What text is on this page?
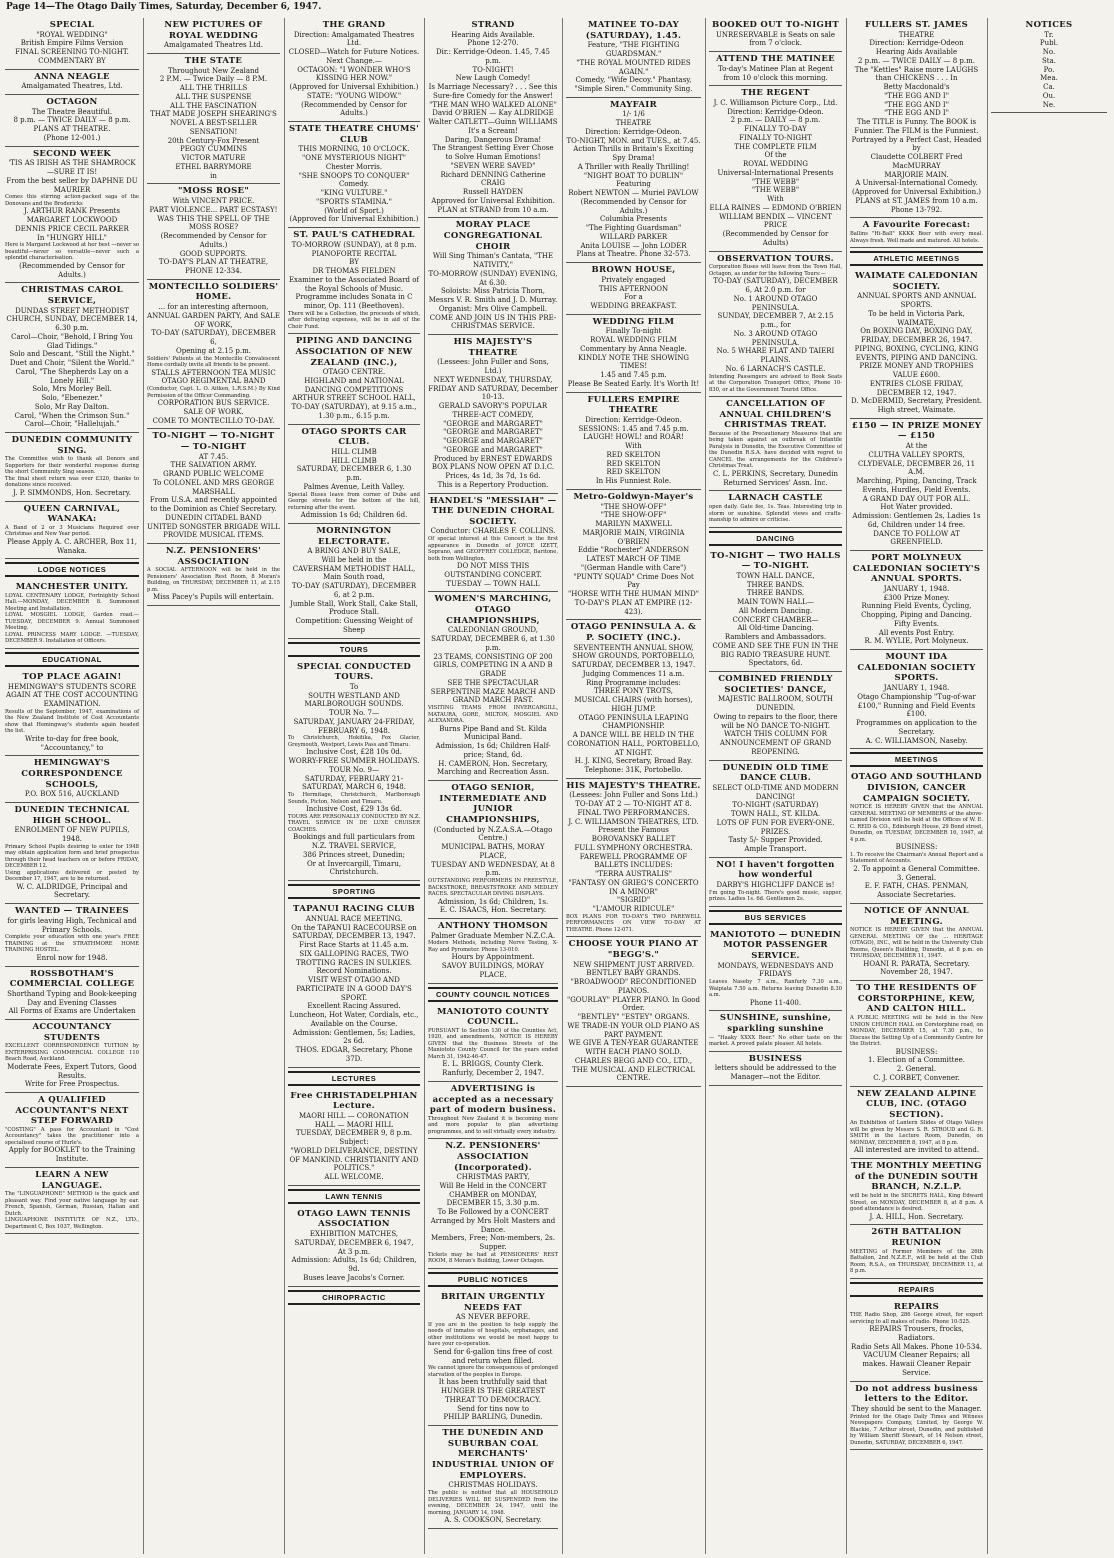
Page 14—The Otago Daily Times, Saturday, December 6, 1947.
SPECIAL
"ROYAL WEDDING"
British Empire Films Version
FINAL SCREENING TO-NIGHT.
COMMENTARY BY
ANNA NEAGLE
Amalgamated Theatres, Ltd.
OCTAGON
The Theatre Beautiful.
8 p.m. — TWICE DAILY — 8 p.m.
PLANS AT THEATRE.
(Phone 12-001.)
SECOND WEEK
'TIS AS IRISH AS THE SHAMROCK —SURE IT IS!
From the best seller by DAPHNE DU MAURIER
Comes this stirring action-packed saga of the Donovans and the Brodericks
J. ARTHUR RANK Presents
MARGARET LOCKWOOD
DENNIS PRICE CECIL PARKER
In "HUNGRY HILL"
Here is Margaret Lockwood at her best —never so beautiful—never so versatile—never such a splendid characterisation.
(Recommended by Censor for Adults.)
CHRISTMAS CAROL SERVICE,
DUNDAS STREET METHODIST CHURCH, SUNDAY, DECEMBER 14, 6.30 p.m.
Carol—Choir, "Behold, I Bring You Glad Tidings."
Solo and Descant, "Still the Night."
Duet and Choir, "Silent the World."
Carol, "The Shepherds Lay on a Lonely Hill."
Solo, Mrs Morley Bell.
Solo, "Ebenezer."
Solo, Mr Ray Dalton.
Carol, "When the Crimson Sun."
Carol—Choir, "Hallelujah."
DUNEDIN COMMUNITY SING.
The Committee wish to thank all Donors and Supporters for their wonderful response during the short Community Sing season.
The final sheet return was over £320, thanks to donations since received.
J. P. SIMMONDS, Hon. Secretary.
QUEEN CARNIVAL, WANAKA:
A Band of 2 or 3 Musicians Required over Christmas and New Year period.
Please Apply A. C. ARCHER, Box 11, Wanaka.
LODGE NOTICES
MANCHESTER UNITY.
LOYAL CENTENARY LODGE, Fortnightly School Hall.—MONDAY, DECEMBER 8. Summoned Meeting and Installation.
LOYAL MOSGIEL LODGE, Garden road.—TUESDAY, DECEMBER 9. Annual Summoned Meeting.
LOYAL PRINCESS MARY LODGE. —TUESDAY, DECEMBER 9. Installation of Officers.
EDUCATIONAL
TOP PLACE AGAIN!
HEMINGWAY'S STUDENTS SCORE AGAIN AT THE COST ACCOUNTING EXAMINATION.
Results of the September, 1947, examinations of the New Zealand Institute of Cost Accountants show that Hemingway's students again headed the list.
Write to-day for free book, "Accountancy," to
HEMINGWAY'S CORRESPONDENCE SCHOOLS,
P.O. BOX 516, AUCKLAND
DUNEDIN TECHNICAL HIGH SCHOOL.
ENROLMENT OF NEW PUPILS, 1948.
Primary School Pupils desiring to enter for 1948 may obtain application form and brief prospectus through their head teachers on or before FRIDAY, DECEMBER 12.
Using applications delivered or posted by December 17, 1947, are to be returned.
W. C. ALDRIDGE, Principal and Secretary.
WANTED — TRAINEES
for girls leaving High, Technical and Primary Schools.
Complete your education with one year's FREE TRAINING at the STRATHMORE HOME TRAINING HOSTEL.
Enrol now for 1948.
ROSSBOTHAM'S COMMERCIAL COLLEGE
Shorthand Typing and Book-keeping
Day and Evening Classes
All Forms of Exams are Undertaken
ACCOUNTANCY STUDENTS
EXCELLENT CORRESPONDENCE TUITION by ENTERPRISING COMMERCIAL COLLEGE 110 Beach Road, Auckland.
Moderate Fees, Expert Tutors, Good Results.
Write for Free Prospectus.
A QUALIFIED ACCOUNTANT'S NEXT STEP FORWARD
"COSTING" A pass for Accountant in "Cost Accountancy" takes the practitioner into a specialised course of Hurle's.
Apply for BOOKLET to the Training Institute.
LEARN A NEW LANGUAGE.
The "LINGUAPHONE" METHOD is the quick and pleasant way. Find your native language by ear. French, Spanish, German, Russian, Italian and Dutch.
LINGUAPHONE INSTITUTE OF N.Z., LTD., Department C, Box 1037, Wellington.
NEW PICTURES OF ROYAL WEDDING
Amalgamated Theatres Ltd.
THE STATE
Throughout New Zealand
2 P.M. — Twice Daily — 8 P.M.
ALL THE THRILLS
ALL THE SUSPENSE
ALL THE FASCINATION
THAT MADE JOSEPH SHEARING'S NOVEL A BEST-SELLER SENSATION!
20th Century-Fox Present
PEGGY CUMMINS
VICTOR MATURE
ETHEL BARRYMORE
in
"MOSS ROSE"
With VINCENT PRICE.
PART VIOLENCE... PART ECSTASY! WAS THIS THE SPELL OF THE MOSS ROSE?
(Recommended by Censor for Adults.)
GOOD SUPPORTS.
TO-DAY'S PLAN AT THEATRE, PHONE 12-334.
MONTECILLO SOLDIERS' HOME.
... for an interesting afternoon,
ANNUAL GARDEN PARTY, And SALE OF WORK,
TO-DAY (SATURDAY), DECEMBER 6,
Opening at 2.15 p.m.
Soldiers' Patients at the Montecillo Convalescent Home cordially invite all friends to be present.
STALLS AFTERNOON TEA MUSIC
OTAGO REGIMENTAL BAND
(Conductor, Capt. L. O. Aitken, L.R.S.M.) By Kind Permission of the Officer Commanding.
CORPORATION BUS SERVICE.
SALE OF WORK.
COME TO MONTECILLO TO-DAY.
TO-NIGHT — TO-NIGHT — TO-NIGHT
AT 7.45.
THE SALVATION ARMY.
GRAND PUBLIC WELCOME
To COLONEL AND MRS GEORGE MARSHALL
From U.S.A. and recently appointed to the Dominion as Chief Secretary.
DUNEDIN CITADEL BAND
UNITED SONGSTER BRIGADE WILL PROVIDE MUSICAL ITEMS.
N.Z. PENSIONERS' ASSOCIATION
A SOCIAL AFTERNOON will be held in the Pensioners' Association Rest Room, 8 Moran's Building, on THURSDAY, DECEMBER 11, at 2.15 p.m.
Miss Pacey's Pupils will entertain.
THE GRAND
Direction: Amalgamated Theatres Ltd.
CLOSED—Watch for Future Notices.
Next Change.—
OCTAGON: "I WONDER WHO'S KISSING HER NOW."
(Approved for Universal Exhibition.)
STATE: "YOUNG WIDOW."
(Recommended by Censor for Adults.)
STATE THEATRE CHUMS' CLUB
THIS MORNING, 10 O'CLOCK.
"ONE MYSTERIOUS NIGHT"
Chester Morris.
"SHE SNOOPS TO CONQUER"
Comedy.
"KING VULTURE."
"SPORTS STAMINA."
(World of Sport.)
(Approved for Universal Exhibition.)
ST. PAUL'S CATHEDRAL
TO-MORROW (SUNDAY), at 8 p.m.
PIANOFORTE RECITAL
BY
DR THOMAS FIELDEN
Examiner to the Associated Board of the Royal Schools of Music.
Programme includes Sonata in C minor, Op. 111 (Beethoven).
There will be a Collection, the proceeds of which, after defraying expenses, will be in aid of the Choir Fund.
PIPING AND DANCING ASSOCIATION OF NEW ZEALAND (INC.),
OTAGO CENTRE.
HIGHLAND and NATIONAL DANCING COMPETITIONS
ARTHUR STREET SCHOOL HALL,
TO-DAY (SATURDAY), at 9.15 a.m., 1.30 p.m., 6.15 p.m.
OTAGO SPORTS CAR CLUB.
HILL CLIMB
HILL CLIMB
SATURDAY, DECEMBER 6, 1.30 p.m.
Palmes Avenue, Leith Valley.
Special Buses leave from corner of Dube and George streets for the bottom of the hill, returning after the event.
Admission 1s 6d; Children 6d.
MORNINGTON ELECTORATE.
A BRING AND BUY SALE,
Will be held in the
CAVERSHAM METHODIST HALL,
Main South road,
TO-DAY (SATURDAY), DECEMBER 6, at 2 p.m.
Jumble Stall, Work Stall, Cake Stall, Produce Stall.
Competition: Guessing Weight of Sheep
TOURS
SPECIAL CONDUCTED TOURS.
To
SOUTH WESTLAND AND MARLBOROUGH SOUNDS.
TOUR No. 7—
SATURDAY, JANUARY 24-FRIDAY, FEBRUARY 6, 1948.
To Christchurch, Hokitika, Fox Glacier, Greymouth, Westport, Lewis Pass and Timaru.
Inclusive Cost, £28 10s 0d.
WORRY-FREE SUMMER HOLIDAYS.
TOUR No. 9—
SATURDAY, FEBRUARY 21-SATURDAY, MARCH 6, 1948.
To Hermitage, Christchurch, Marlborough Sounds, Picton, Nelson and Timaru.
Inclusive Cost, £29 13s 6d.
TOURS ARE PERSONALLY CONDUCTED BY N.Z. TRAVEL SERVICE IN DE LUXE CRUISER COACHES.
Bookings and full particulars from N.Z. TRAVEL SERVICE,
386 Princes street, Dunedin;
Or at Invercargill, Timaru, Christchurch.
SPORTING
TAPANUI RACING CLUB
ANNUAL RACE MEETING.
On the TAPANUI RACECOURSE on SATURDAY, DECEMBER 13, 1947.
First Race Starts at 11.45 a.m.
SIX GALLOPING RACES, TWO TROTTING RACES IN SULKIES.
Record Nominations.
VISIT WEST OTAGO AND PARTICIPATE IN A GOOD DAY'S SPORT.
Excellent Racing Assured.
Luncheon, Hot Water, Cordials, etc., Available on the Course.
Admission: Gentlemen, 5s; Ladies, 2s 6d.
THOS. EDGAR, Secretary, Phone 37D.
LECTURES
Free CHRISTADELPHIAN Lecture.
MAORI HILL — CORONATION HALL — MAORI HILL
TUESDAY, DECEMBER 9, 8 p.m.
Subject:
"WORLD DELIVERANCE, DESTINY OF MANKIND. CHRISTIANITY AND POLITICS."
ALL WELCOME.
LAWN TENNIS
OTAGO LAWN TENNIS ASSOCIATION
EXHIBITION MATCHES,
SATURDAY, DECEMBER 6, 1947,
At 3 p.m.
Admission: Adults, 1s 6d; Children, 9d.
Buses leave Jacobs's Corner.
CHIROPRACTIC
STRAND
Hearing Aids Available.
Phone 12-270.
Dir.: Kerridge-Odeon. 1.45, 7.45 p.m.
TO-NIGHT!
New Laugh Comedy!
Is Marriage Necessary? . . . See this Sure-fire Comedy for the Answer!
"THE MAN WHO WALKED ALONE"
David O'BRIEN — Kay ALDRIDGE
Walter CATLETT—Guinn WILLIAMS
It's a Scream!
Daring, Dangerous Drama!
The Strangest Setting Ever Chose to Solve Human Emotions!
"SEVEN WERE SAVED"
Richard DENNING Catherine CRAIG
Russell HAYDEN
Approved for Universal Exhibition.
PLAN at STRAND from 10 a.m.
MORAY PLACE CONGREGATIONAL CHOIR
Will Sing Thiman's Cantata, "THE NATIVITY,"
TO-MORROW (SUNDAY) EVENING, At 6.30.
Soloists: Miss Patricia Thorn, Messrs V. R. Smith and J. D. Murray.
Organist: Mrs Olive Campbell.
COME AND JOIN US IN THIS PRE-CHRISTMAS SERVICE.
HIS MAJESTY'S THEATRE
(Lessees: John Fuller and Sons, Ltd.)
NEXT WEDNESDAY, THURSDAY, FRIDAY AND SATURDAY, December 10-13.
GERALD SAVORY'S POPULAR THREE-ACT COMEDY,
"GEORGE and MARGARET"
"GEORGE and MARGARET"
"GEORGE and MARGARET"
"GEORGE and MARGARET"
Produced by ERNEST EDWARDS
BOX PLANS NOW OPEN AT D.I.C. Prices, 4s 1d, 3s 7d, 1s 6d.
This is a Repertory Production.
HANDEL'S "MESSIAH" — THE DUNEDIN CHORAL SOCIETY.
Conductor: CHARLES F. COLLINS.
Of special interest at this Concert is the first appearance in Dunedin of JOYCE IZETT, Soprano, and GEOFFREY COLLEDGE, Baritone, both from Wellington.
DO NOT MISS THIS OUTSTANDING CONCERT.
TUESDAY — TOWN HALL
WOMEN'S MARCHING, OTAGO CHAMPIONSHIPS,
CALEDONIAN GROUND, SATURDAY, DECEMBER 6, at 1.30 p.m.
23 TEAMS, CONSISTING OF 200 GIRLS, COMPETING IN A AND B GRADE
SEE THE SPECTACULAR SERPENTINE MAZE MARCH AND GRAND MARCH PAST.
VISITING TEAMS FROM INVERCARGILL, MATAURA, GORE, MILTON, MOSGIEL AND ALEXANDRA.
Burns Pipe Band and St. Kilda Municipal Band.
Admission, 1s 6d; Children Half-price; Stand, 6d.
H. CAMERON, Hon. Secretary, Marching and Recreation Assn.
OTAGO SENIOR, INTERMEDIATE AND JUNIOR CHAMPIONSHIPS,
(Conducted by N.Z.A.S.A.—Otago Centre.)
MUNICIPAL BATHS, MORAY PLACE,
TUESDAY AND WEDNESDAY, At 8 p.m.
OUTSTANDING PERFORMERS IN FREESTYLE, BACKSTROKE, BREASTSTROKE AND MEDLEY RACES. SPECTACULAR DIVING DISPLAYS.
Admission, 1s 6d; Children, 1s.
E. C. ISAACS, Hon. Secretary.
ANTHONY THOMSON
Palmer Graduate Member N.Z.C.A.
Modern Methods, including Nerve Testing, X-Ray and Pyrometer. Phone 13-010.
Hours by Appointment.
SAVOY BUILDINGS, MORAY PLACE.
COUNTY COUNCIL NOTICES
MANIOTOTO COUNTY COUNCIL.
PURSUANT to Section 130 of the Counties Act, 1920, and amendments, NOTICE IS HEREBY GIVEN that the Business Streets of the Maniototo County Council for the years ended March 31, 1942-46-47.
E. L. BRIGGS, County Clerk.
Ranfurly, December 2, 1947.
ADVERTISING is accepted as a necessary part of modern business.
Throughout New Zealand it is becoming more and more popular to plan advertising programmes, and to sell virtually every industry.
N.Z. PENSIONERS' ASSOCIATION (Incorporated).
CHRISTMAS PARTY,
Will Be Held in the CONCERT CHAMBER on MONDAY, DECEMBER 15, 3.30 p.m.
To Be Followed by a CONCERT Arranged by Mrs Holt Masters and Dance.
Members, Free; Non-members, 2s. Supper.
Tickets may be had at PENSIONERS' REST ROOM, 8 Moran's Building, Lower Octagon.
PUBLIC NOTICES
BRITAIN URGENTLY NEEDS FAT
AS NEVER BEFORE.
If you are in the position to help supply the needs of inmates of hospitals, orphanages, and other institutions we would be most happy to have your co-operation.
Send for 6-gallon tins free of cost and return when filled.
We cannot ignore the consequences of prolonged starvation of the peoples in Europe.
It has been truthfully said that
HUNGER IS THE GREATEST THREAT TO DEMOCRACY.
Send for tins now to
PHILIP BARLING, Dunedin.
THE DUNEDIN AND SUBURBAN COAL MERCHANTS' INDUSTRIAL UNION OF EMPLOYERS.
CHRISTMAS HOLIDAYS.
The public is notified that all HOUSEHOLD DELIVERIES WILL BE SUSPENDED from the evening, DECEMBER 24, 1947, until the morning, JANUARY 14, 1948.
A. S. COOKSON, Secretary.
MATINEE TO-DAY (SATURDAY), 1.45.
Feature, "THE FIGHTING GUARDSMAN."
"THE ROYAL MOUNTED RIDES AGAIN."
Comedy, "Wife Decoy." Phantasy, "Simple Siren." Community Sing.
MAYFAIR
1/- 1/6
THEATRE
Direction: Kerridge-Odeon.
TO-NIGHT, MON. and TUES., at 7.45.
Action Thrills in Britain's Exciting Spy Drama!
A Thriller with Really Thrilling!
"NIGHT BOAT TO DUBLIN"
Featuring
Robert NEWTON — Muriel PAVLOW
(Recommended by Censor for Adults.)
Columbia Presents
"The Fighting Guardsman"
WILLARD PARKER
Anita LOUISE — John LODER
Plans at Theatre. Phone 32-573.
BROWN HOUSE,
Privately engaged
THIS AFTERNOON
For a
WEDDING BREAKFAST.
WEDDING FILM
Finally To-night
ROYAL WEDDING FILM
Commentary by Anna Neagle.
KINDLY NOTE THE SHOWING TIMES!
1.45 and 7.45 p.m.
Please Be Seated Early. It's Worth It!
FULLERS EMPIRE THEATRE
Direction: Kerridge-Odeon.
SESSIONS: 1.45 and 7.45 p.m.
LAUGH! HOWL! and ROAR!
With
RED SKELTON
RED SKELTON
RED SKELTON
In His Funniest Role.
Metro-Goldwyn-Mayer's
"THE SHOW-OFF"
"THE SHOW-OFF"
MARILYN MAXWELL
MARJORIE MAIN, VIRGINIA O'BRIEN
Eddie "Rochester" ANDERSON
LATEST MARCH OF TIME
"(German Handle with Care")
"PUNTY SQUAD" Crime Does Not Pay
"HORSE WITH THE HUMAN MIND"
TO-DAY'S PLAN AT EMPIRE (12-423).
OTAGO PENINSULA A. & P. SOCIETY (INC.).
SEVENTEENTH ANNUAL SHOW, SHOW GROUNDS, PORTOBELLO,
SATURDAY, DECEMBER 13, 1947.
Judging Commences 11 a.m.
Ring Programme includes:
THREE PONY TROTS,
MUSICAL CHAIRS (with horses),
HIGH JUMP.
OTAGO PENINSULA LEAPING CHAMPIONSHIP.
A DANCE WILL BE HELD IN THE CORONATION HALL, PORTOBELLO, AT NIGHT.
H. J. KING, Secretary, Broad Bay.
Telephone: 31K, Portobello.
HIS MAJESTY'S THEATRE.
(Lessees: John Fuller and Sons Ltd.)
TO-DAY AT 2 — TO-NIGHT AT 8.
FINAL TWO PERFORMANCES.
J. C. WILLIAMSON THEATRES, LTD. Present the Famous
BOROVANSKY BALLET
FULL SYMPHONY ORCHESTRA.
FAREWELL PROGRAMME OF BALLETS INCLUDES:
"TERRA AUSTRALIS"
"FANTASY ON GRIEG'S CONCERTO IN A MINOR"
"SIGRID"
"L'AMOUR RIDICULE"
BOX PLANS FOR TO-DAY'S TWO FAREWELL PERFORMANCES ON VIEW TO-DAY AT THEATRE. Phone 12-071.
CHOOSE YOUR PIANO AT "BEGG'S."
NEW SHIPMENT JUST ARRIVED. BENTLEY BABY GRANDS.
"BROADWOOD" RECONDITIONED PIANOS.
"GOURLAY" PLAYER PIANO. In Good Order.
"BENTLEY" "ESTEY" ORGANS.
WE TRADE-IN YOUR OLD PIANO AS PART PAYMENT.
WE GIVE A TEN-YEAR GUARANTEE WITH EACH PIANO SOLD.
CHARLES BEGG AND CO., LTD., THE MUSICAL AND ELECTRICAL CENTRE.
BOOKED OUT TO-NIGHT
UNRESERVABLE is Seats on sale from 7 o'clock.
ATTEND THE MATINEE
To-day's Matinee Plan at Regent from 10 o'clock this morning.
THE REGENT
J. C. Williamson Picture Corp., Ltd.
Direction: Kerridge-Odeon.
2 p.m. — DAILY — 8 p.m.
FINALLY TO-DAY
FINALLY TO-NIGHT
THE COMPLETE FILM
Of the
ROYAL WEDDING
Universal-International Presents
"THE WEBB"
"THE WEBB"
With
ELLA RAINES — EDMOND O'BRIEN
WILLIAM BENDIX — VINCENT PRICE
(Recommended by Censor for Adults)
OBSERVATION TOURS.
Corporation Buses will leave from the Town Hall, Octagon, as under for the following Tours:—
TO-DAY (SATURDAY), DECEMBER 6, At 2.0 p.m. for
No. 1 AROUND OTAGO PENINSULA.
SUNDAY, DECEMBER 7, At 2.15 p.m., for
No. 3 AROUND OTAGO PENINSULA.
No. 5 WHARE FLAT AND TAIERI PLAINS.
No. 6 LARNACH'S CASTLE.
Intending Passengers are advised to Book Seats at the Corporation Transport Office, Phone 10-830, or at the Government Tourist Office.
CANCELLATION OF ANNUAL CHILDREN'S CHRISTMAS TREAT.
Because of the Precautionary Measures that are being taken against an outbreak of Infantile Paralysis in Dunedin, the Executive Committee of the Dunedin R.S.A. have decided with regret to CANCEL the arrangements for the Children's Christmas Treat.
C. L. PERKINS, Secretary, Dunedin Returned Services' Assn. Inc.
LARNACH CASTLE
open daily. Gate fee, 1s. Teas. Interesting trip in storm or sunshine. Splendid views and crafts-manship to admire or criticise.
DANCING
TO-NIGHT — TWO HALLS — TO-NIGHT.
TOWN HALL DANCE,
THREE BANDS.
THREE BANDS.
MAIN TOWN HALL—
All Modern Dancing.
CONCERT CHAMBER—
All Old-time Dancing.
Ramblers and Ambassadors.
COME AND SEE THE FUN IN THE BIG RADIO TREASURE HUNT.
Spectators, 6d.
COMBINED FRIENDLY SOCIETIES' DANCE,
MAJESTIC BALLROOM, SOUTH DUNEDIN.
Owing to repairs to the floor, there will be NO DANCE TO-NIGHT.
WATCH THIS COLUMN FOR ANNOUNCEMENT OF GRAND REOPENING.
DUNEDIN OLD TIME DANCE CLUB.
SELECT OLD-TIME AND MODERN DANCING!
TO-NIGHT (SATURDAY)
TOWN HALL, ST. KILDA.
LOTS OF FUN FOR EVERY-ONE. PRIZES.
Tasty 5/- Supper Provided.
Ample Transport.
NO! I haven't forgotten how wonderful
DARBY'S HIGHCLIFF DANCE is!
I'm going To-night. There's good music, supper, prizes. Ladies 1s. 6d. Gentlemen 2s.
BUS SERVICES
MANIOTOTO — DUNEDIN MOTOR PASSENGER SERVICE.
MONDAYS, WEDNESDAYS AND FRIDAYS
Leaves Naseby 7 a.m., Ranfurly 7.30 a.m., Waipiata 7.50 a.m. Returns leaving Dunedin 8.30 a.m.
Phone 11-400.
SUNSHINE, sunshine, sparkling sunshine
— "Haaky XXXX Beer." No other taste on the market. A proved palate pleaser. All hotels.
BUSINESS
letters should be addressed to the Manager—not the Editor.
FULLERS ST. JAMES
THEATRE
Direction: Kerridge-Odeon
Hearing Aids Available
2 p.m. — TWICE DAILY — 8 p.m.
The "Kettles" Raise more LAUGHS than CHICKENS . . . In
Betty Macdonald's
"THE EGG AND I"
"THE EGG AND I"
"THE EGG AND I"
The TITLE is Funny. The BOOK is Funnier. The FILM is the Funniest.
Portrayed by a Perfect Cast, Headed by
Claudette COLBERT Fred MacMURRAY
MARJORIE MAIN.
A Universal-International Comedy.
(Approved for Universal Exhibition.)
PLANS at ST. JAMES from 10 a.m. Phone 13-792.
A Favourite Forecast:
Ballins "Hi-Ball" KKKK Beer with every meal. Always fresh. Well made and matured. All hotels.
ATHLETIC MEETINGS
WAIMATE CALEDONIAN SOCIETY.
ANNUAL SPORTS AND ANNUAL SPORTS.
To be held in Victoria Park,
WAIMATE,
On BOXING DAY, BOXING DAY, FRIDAY, DECEMBER 26, 1947.
PIPING, BOXING, CYCLING, KING EVENTS, PIPING AND DANCING.
PRIZE MONEY AND TROPHIES VALUE £600.
ENTRIES CLOSE FRIDAY, DECEMBER 12, 1947.
D. McDERMID, Secretary, President. High street, Waimate.
£150 — IN PRIZE MONEY — £150
At the
CLUTHA VALLEY SPORTS,
CLYDEVALE, DECEMBER 26, 11 A.M.
Marching, Piping, Dancing, Track Events, Hurdles, Field Events.
A GRAND DAY OUT FOR ALL.
Hot Water provided.
Admission: Gentlemen 2s, Ladies 1s 6d, Children under 14 free.
DANCE TO FOLLOW AT GREENFIELD.
PORT MOLYNEUX CALEDONIAN SOCIETY'S ANNUAL SPORTS.
JANUARY 1, 1948.
£300 Prize Money.
Running Field Events, Cycling, Chopping, Piping and Dancing.
Fifty Events.
All events Post Entry.
R. M. WYLIE, Port Molyneux.
MOUNT IDA CALEDONIAN SOCIETY SPORTS.
JANUARY 1, 1948.
Otago Championship "Tug-of-war £100," Running and Field Events £100.
Programmes on application to the Secretary.
A. C. WILLIAMSON, Naseby.
MEETINGS
OTAGO AND SOUTHLAND DIVISION, CANCER CAMPAIGN SOCIETY.
NOTICE IS HEREBY GIVEN that the ANNUAL GENERAL MEETING OF MEMBERS of the above-named Division will be held at the Offices of W. E. C. REID & CO., Edinburgh House, 29 Bond street, Dunedin, on TUESDAY, DECEMBER 16, 1947, at 4 p.m.
BUSINESS:
1. To receive the Chairman's Annual Report and a Statement of Accounts.
2. To appoint a General Committee.
3. General.
E. F. FATH, CHAS. PENMAN, Associate Secretaries.
NOTICE OF ANNUAL MEETING.
NOTICE IS HEREBY GIVEN that the ANNUAL GENERAL MEETING OF the ... HERITAGE (OTAGO), INC., will be held in the University Club Rooms, Queen's Building, Dunedin, at 8 p.m. on THURSDAY, DECEMBER 11, 1947.
HOANI R. PARATA, Secretary.
November 28, 1947.
TO THE RESIDENTS OF CORSTORPHINE, KEW, AND CALTON HILL.
A PUBLIC MEETING will be held in the New UNION CHURCH HALL on Corstorphine road, on MONDAY, DECEMBER 15, at 7.30 p.m., to Discuss the Setting Up of a Community Centre for the District.
BUSINESS:
1. Election of a Committee.
2. General.
C. J. CORBET, Convener.
NEW ZEALAND ALPINE CLUB, INC. (OTAGO SECTION).
An Exhibition of Lantern Slides of Otago Valleys will be given by Messrs S. R. STROUD and G. R. SMITH in the Lecture Room, Dunedin, on MONDAY, DECEMBER 8, 1947, at 8 p.m.
All interested are invited to attend.
THE MONTHLY MEETING of the DUNEDIN SOUTH BRANCH, N.Z.L.P.
will be held in the SECRETS HALL, King Edward Street, on MONDAY, DECEMBER 8, at 8 p.m. A good attendance is desired.
J. A. HILL, Hon. Secretary.
26TH BATTALION REUNION
MEETING of Former Members of the 26th Battalion, 2nd N.Z.E.F., will be held at the Club Room, R.S.A., on THURSDAY, DECEMBER 11, at 8 p.m.
REPAIRS
REPAIRS
THE Radio Shop, 286 George street, for expert servicing to all makes of radio. Phone 10-525.
REPAIRS Trousers, frocks, Radiators.
Radio Sets All Makes. Phone 10-534.
VACUUM Cleaner Repairs; all makes. Hawaii Cleaner Repair Service.
Do not address business letters to the Editor.
They should be sent to the Manager.
Printed for the Otago Daily Times and Witness Newspapers Company, Limited, by George W. Blackie, 7 Arthur street, Dunedin, and published by William Sheriff Stewart, of 14 Nelson street, Dunedin, SATURDAY, DECEMBER 6, 1947.
NOTICES
Tr.
Publ.
No.
Sta.
Po.
Mea.
Ca.
Ou.
Ne.
